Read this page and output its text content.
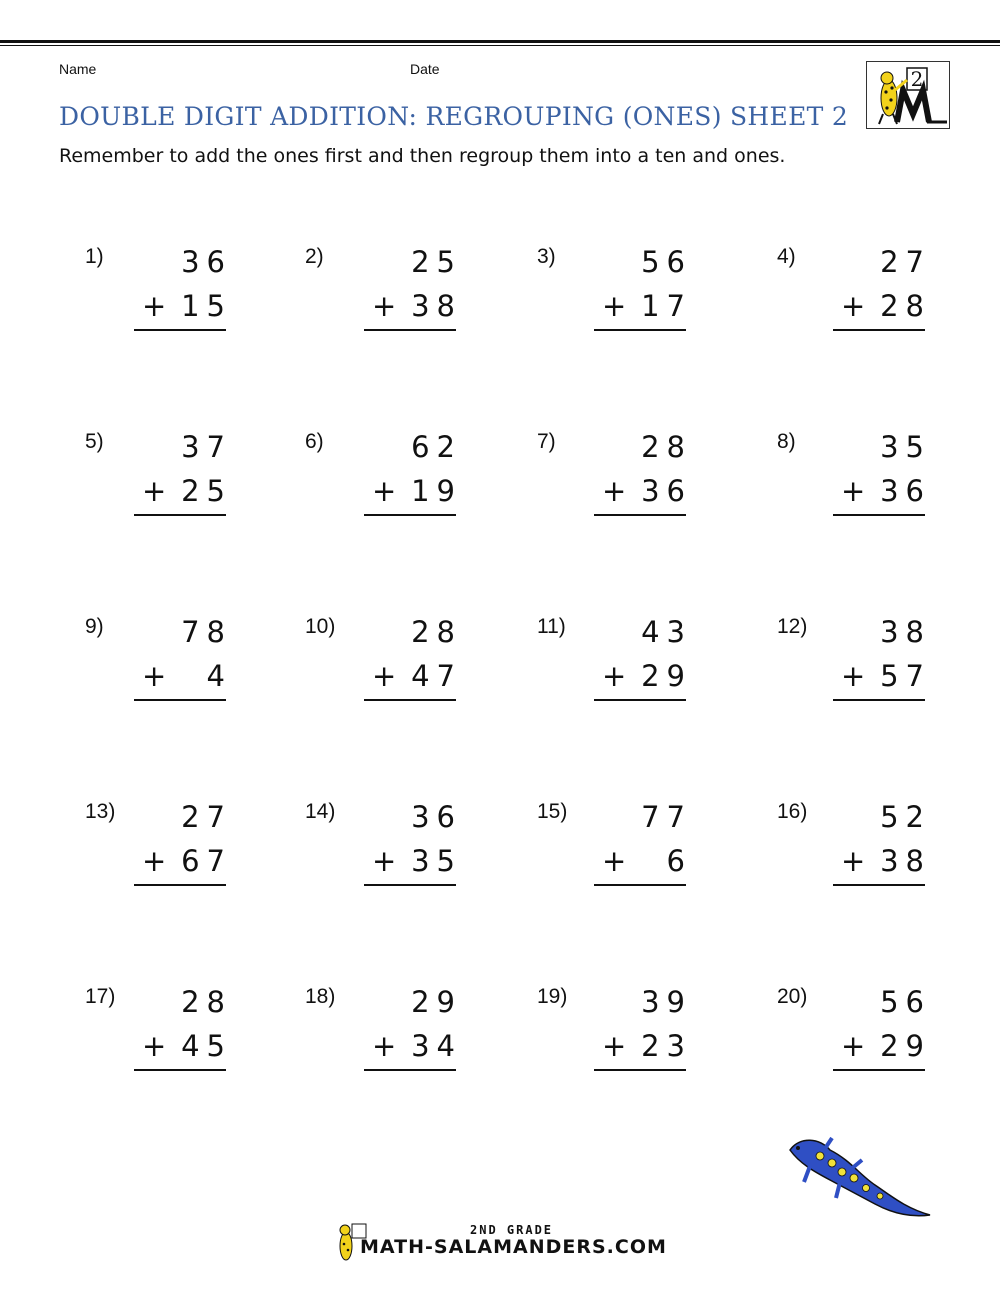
Name	Date
DOUBLE DIGIT ADDITION: REGROUPING (ONES) SHEET 2
Remember to add the ones first and then regroup them into a ten and ones.
2
1)	36
+ 15
2)	25
+ 38
3)	56
+ 17
4)	27
+ 28
5)	37
+ 25
6)	62
+ 19
7)	28
+ 36
8)	35
+ 36
9)	78
+ 4
10)	28
+ 47
11)	43
+ 29
12)	38
+ 57
13) 27
+ 67
14)	36
+ 35
15)	77
+ 6
16)	52
+ 38
17) 28
+ 45
18)	29
+ 34
19)	39
+ 23
20)	56
+ 29
2ND GRADE
MATH-SALAMANDERS.COM
